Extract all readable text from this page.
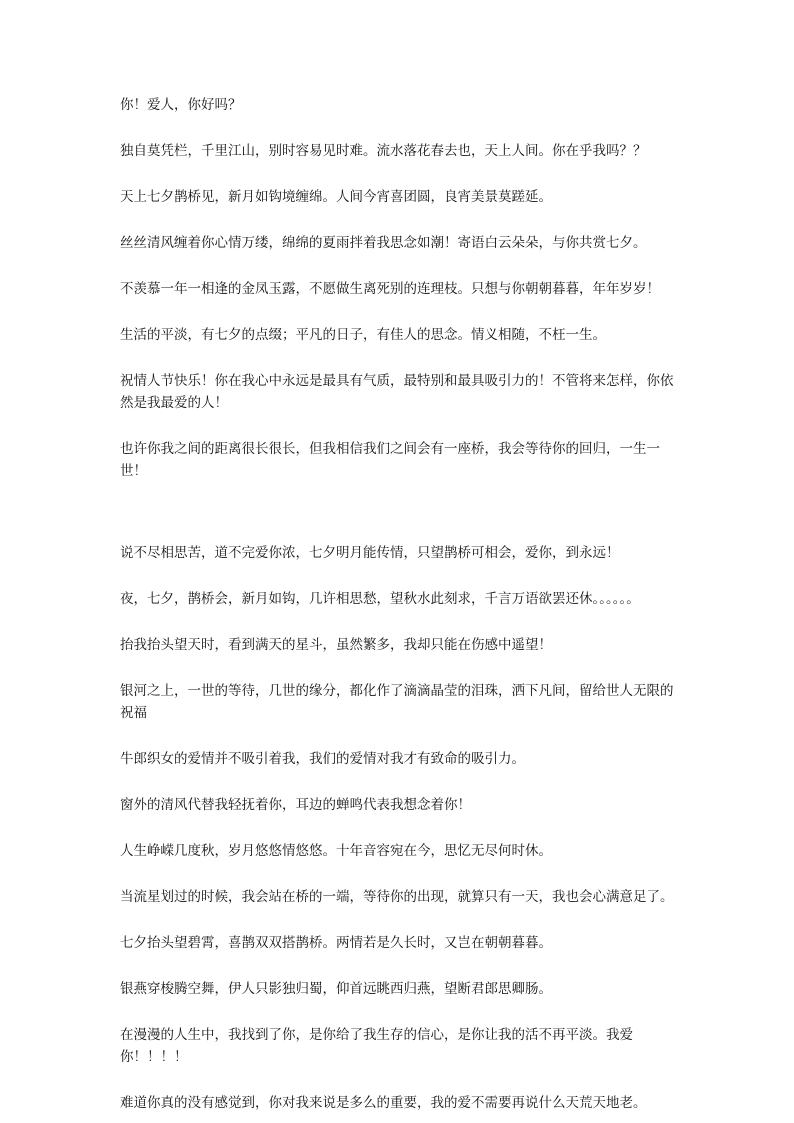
你！爱人，你好吗？

独自莫凭栏，千里江山，别时容易见时难。流水落花春去也，天上人间。你在乎我吗？？

天上七夕鹊桥见，新月如钩境缠绵。人间今宵喜团圆，良宵美景莫蹉延。

丝丝清风缠着你心情万缕，绵绵的夏雨拌着我思念如潮！寄语白云朵朵，与你共赏七夕。

不羡慕一年一相逢的金凤玉露，不愿做生离死别的连理枝。只想与你朝朝暮暮，年年岁岁！

生活的平淡，有七夕的点缀；平凡的日子，有佳人的思念。情义相随，不枉一生。

祝情人节快乐！你在我心中永远是最具有气质，最特别和最具吸引力的！不管将来怎样，你依然是我最爱的人！

也许你我之间的距离很长很长，但我相信我们之间会有一座桥，我会等待你的回归，一生一世！

说不尽相思苦，道不完爱你浓，七夕明月能传情，只望鹊桥可相会，爱你，到永远！

夜，七夕，鹊桥会，新月如钩，几许相思愁，望秋水此刻求，千言万语欲罢还休。。。。。。

抬我抬头望天时，看到满天的星斗，虽然繁多，我却只能在伤感中遥望！

银河之上，一世的等待，几世的缘分，都化作了滴滴晶莹的泪珠，洒下凡间，留给世人无限的祝福

牛郎织女的爱情并不吸引着我，我们的爱情对我才有致命的吸引力。

窗外的清风代替我轻抚着你，耳边的蝉鸣代表我想念着你！

人生峥嵘几度秋，岁月悠悠情悠悠。十年音容宛在今，思忆无尽何时休。

当流星划过的时候，我会站在桥的一端，等待你的出现，就算只有一天，我也会心满意足了。

七夕抬头望碧霄，喜鹊双双搭鹊桥。两情若是久长时，又岂在朝朝暮暮。

银燕穿梭腾空舞，伊人只影独归蜀，仰首远眺西归燕，望断君郎思卿肠。

在漫漫的人生中，我找到了你，是你给了我生存的信心，是你让我的活不再平淡。我爱你！！！！

难道你真的没有感觉到，你对我来说是多么的重要，我的爱不需要再说什么天荒天地老。
